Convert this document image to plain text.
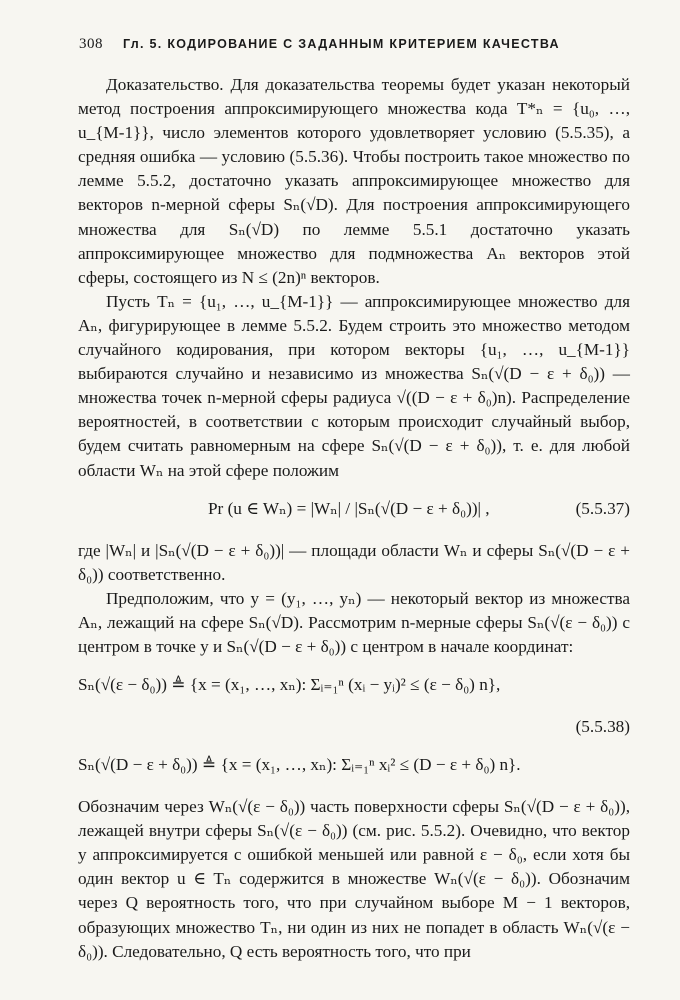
308 Гл. 5. КОДИРОВАНИЕ С ЗАДАННЫМ КРИТЕРИЕМ КАЧЕСТВА

Доказательство. Для доказательства теоремы будет указан некоторый метод построения аппроксимирующего множества кода T*ₙ = {u₀, …, u_{M-1}}, число элементов которого удовлетворяет условию (5.5.35), а средняя ошибка — условию (5.5.36). Чтобы построить такое множество по лемме 5.5.2, достаточно указать аппроксимирующее множество для векторов n-мерной сферы Sₙ(√D). Для построения аппроксимирующего множества для Sₙ(√D) по лемме 5.5.1 достаточно указать аппроксимирующее множество для подмножества Aₙ векторов этой сферы, состоящего из N ≤ (2n)ⁿ векторов.

Пусть Tₙ = {u₁, …, u_{M-1}} — аппроксимирующее множество для Aₙ, фигурирующее в лемме 5.5.2. Будем строить это множество методом случайного кодирования, при котором векторы {u₁, …, u_{M-1}} выбираются случайно и независимо из множества Sₙ(√(D − ε + δ₀)) — множества точек n-мерной сферы радиуса √((D − ε + δ₀)n). Распределение вероятностей, в соответствии с которым происходит случайный выбор, будем считать равномерным на сфере Sₙ(√(D − ε + δ₀)), т. е. для любой области Wₙ на этой сфере положим

Pr (u ∈ Wₙ) = |Wₙ| / |Sₙ(√(D − ε + δ₀))| ,	(5.5.37)

где |Wₙ| и |Sₙ(√(D − ε + δ₀))| — площади области Wₙ и сферы Sₙ(√(D − ε + δ₀)) соответственно.

Предположим, что y = (y₁, …, yₙ) — некоторый вектор из множества Aₙ, лежащий на сфере Sₙ(√D). Рассмотрим n-мерные сферы Sₙ(√(ε − δ₀)) с центром в точке y и Sₙ(√(D − ε + δ₀)) с центром в начале координат:

Sₙ(√(ε − δ₀)) ≜ {x = (x₁, …, xₙ): Σᵢ₌₁ⁿ (xᵢ − yᵢ)² ≤ (ε − δ₀) n},
(5.5.38)
Sₙ(√(D − ε + δ₀)) ≜ {x = (x₁, …, xₙ): Σᵢ₌₁ⁿ xᵢ² ≤ (D − ε + δ₀) n}.

Обозначим через Wₙ(√(ε − δ₀)) часть поверхности сферы Sₙ(√(D − ε + δ₀)), лежащей внутри сферы Sₙ(√(ε − δ₀)) (см. рис. 5.5.2). Очевидно, что вектор y аппроксимируется с ошибкой меньшей или равной ε − δ₀, если хотя бы один вектор u ∈ Tₙ содержится в множестве Wₙ(√(ε − δ₀)). Обозначим через Q вероятность того, что при случайном выборе M − 1 векторов, образующих множество Tₙ, ни один из них не попадет в область Wₙ(√(ε − δ₀)). Следовательно, Q есть вероятность того, что при
